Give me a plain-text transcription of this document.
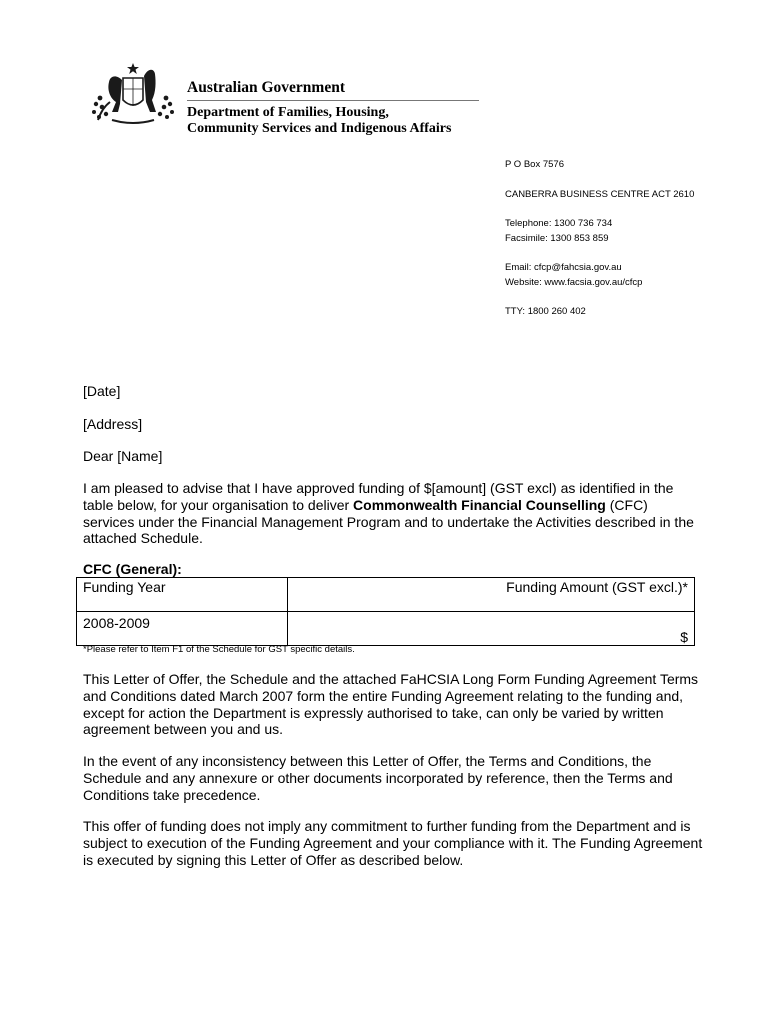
Australian Government
Department of Families, Housing,
Community Services and Indigenous Affairs

P O Box 7576

CANBERRA BUSINESS CENTRE ACT 2610

Telephone: 1300 736 734

Facsimile: 1300 853 859

Email: cfcp@fahcsia.gov.au

Website: www.facsia.gov.au/cfcp

TTY: 1800 260 402

[Date]
[Address]
Dear [Name]

I am pleased to advise that I have approved funding of $[amount] (GST excl) as identified in the table below, for your organisation to deliver Commonwealth Financial Counselling (CFC) services under the Financial Management Program and to undertake the Activities described in the attached Schedule.

CFC (General):
Funding Year	Funding Amount (GST excl.)*
2008-2009	$
*Please refer to Item F1 of the Schedule for GST specific details.

This Letter of Offer, the Schedule and the attached FaHCSIA Long Form Funding Agreement Terms and Conditions dated March 2007 form the entire Funding Agreement relating to the funding and, except for action the Department is expressly authorised to take, can only be varied by written agreement between you and us.

In the event of any inconsistency between this Letter of Offer, the Terms and Conditions, the Schedule and any annexure or other documents incorporated by reference, then the Terms and Conditions take precedence.

This offer of funding does not imply any commitment to further funding from the Department and is subject to execution of the Funding Agreement and your compliance with it. The Funding Agreement is executed by signing this Letter of Offer as described below.
